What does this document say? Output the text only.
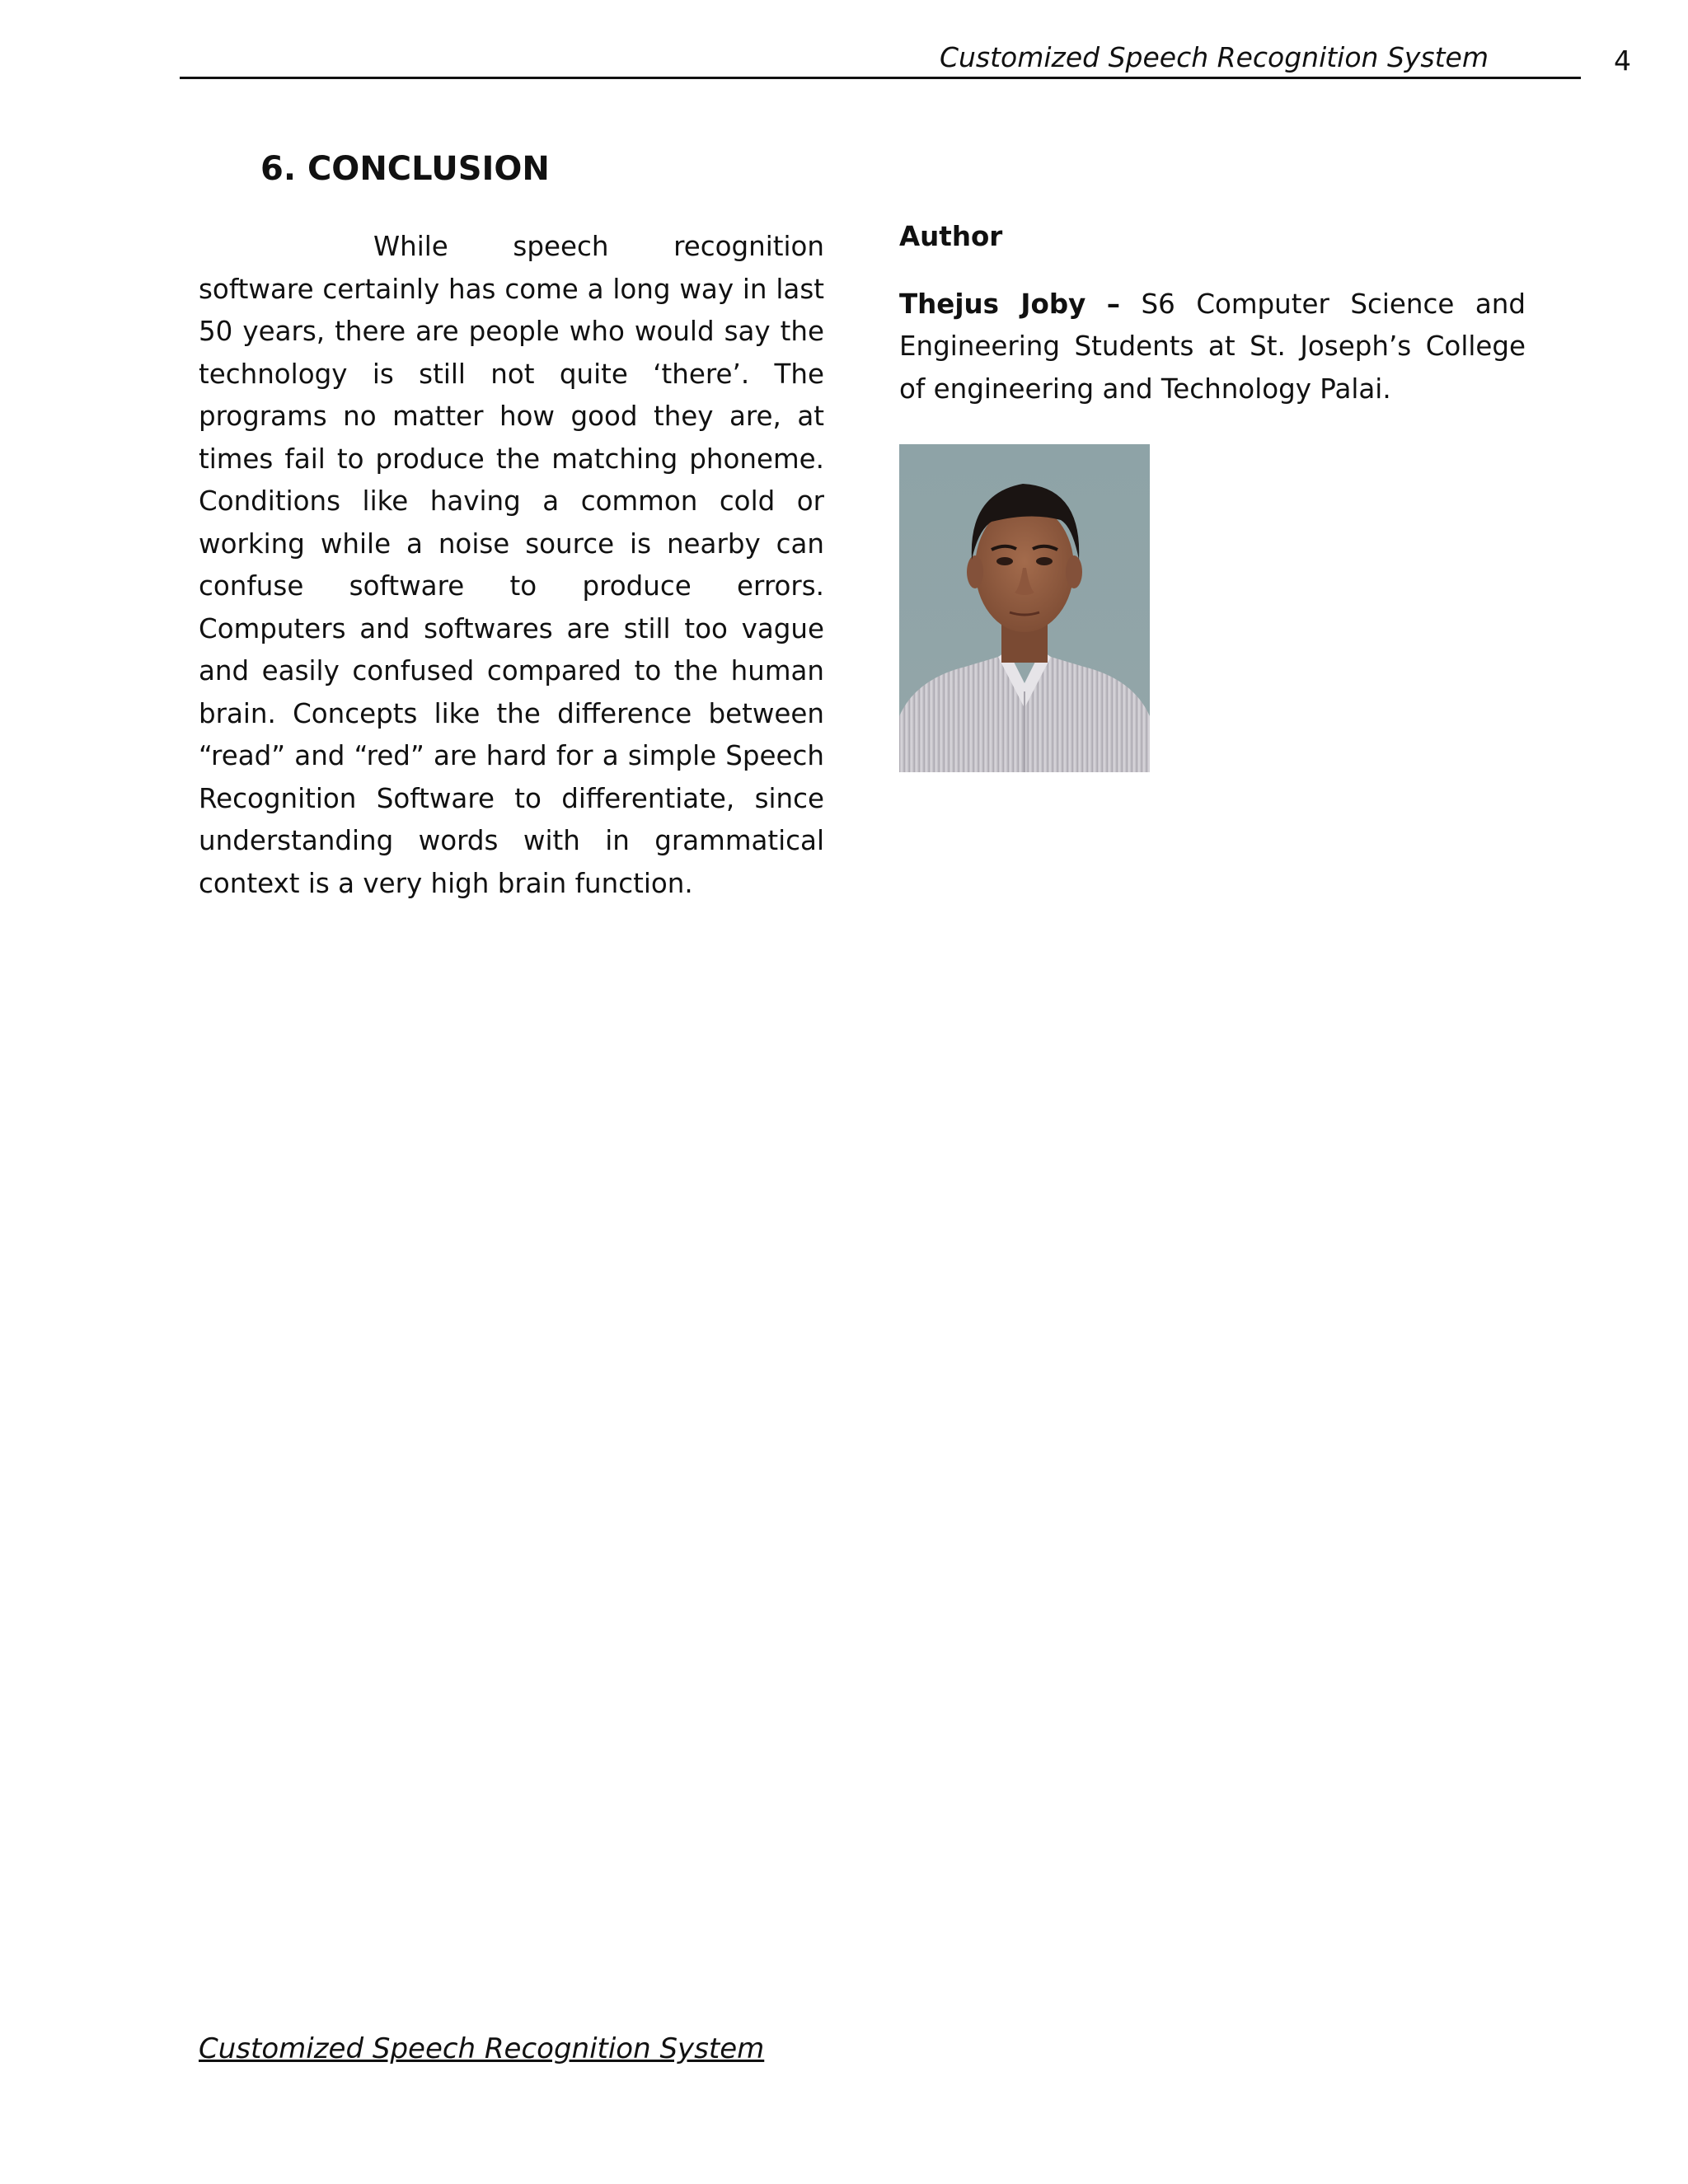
Customized Speech Recognition System	4
6. CONCLUSION

While speech recognition software certainly has come a long way in last 50 years, there are people who would say the technology is still not quite ‘there’. The programs no matter how good they are, at times fail to produce the matching phoneme. Conditions like having a common cold or working while a noise source is nearby can confuse software to produce errors. Computers and softwares are still too vague and easily confused compared to the human brain. Concepts like the difference between “read” and “red” are hard for a simple Speech Recognition Software to differentiate, since understanding words with in grammatical context is a very high brain function.

Author

Thejus Joby – S6 Computer Science and Engineering Students at St. Joseph’s College of engineering and Technology Palai.

Customized Speech Recognition System
